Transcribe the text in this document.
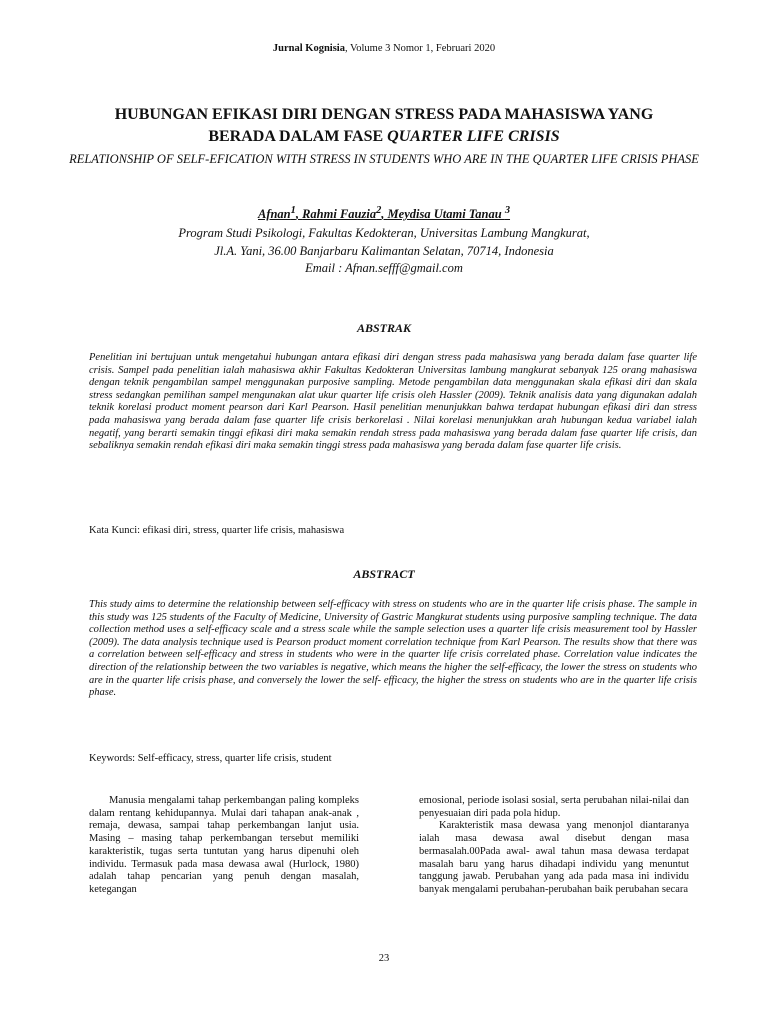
Jurnal Kognisia, Volume 3 Nomor 1, Februari 2020
HUBUNGAN EFIKASI DIRI DENGAN STRESS PADA MAHASISWA YANG
BERADA DALAM FASE QUARTER LIFE CRISIS
RELATIONSHIP OF SELF-EFICATION WITH STRESS IN STUDENTS WHO ARE IN THE QUARTER LIFE CRISIS PHASE
Afnan$^1$, Rahmi Fauzia$^2$, Meydisa Utami Tanau $^3$
Program Studi Psikologi, Fakultas Kedokteran, Universitas Lambung Mangkurat,
Jl.A. Yani, 36.00 Banjarbaru Kalimantan Selatan, 70714, Indonesia
Email : Afnan.sefff@gmail.com
ABSTRAK
Penelitian ini bertujuan untuk mengetahui hubungan antara efikasi diri dengan stress pada mahasiswa yang berada dalam fase quarter life crisis. Sampel pada penelitian ialah mahasiswa akhir Fakultas Kedokteran Universitas lambung mangkurat sebanyak 125 orang mahasiswa dengan teknik pengambilan sampel menggunakan purposive sampling. Metode pengambilan data menggunakan skala efikasi diri dan skala stress sedangkan pemilihan sampel mengunakan alat ukur quarter life crisis oleh Hassler (2009). Teknik analisis data yang digunakan adalah teknik korelasi product moment pearson dari Karl Pearson. Hasil penelitian menunjukkan bahwa terdapat hubungan efikasi diri dan stress pada mahasiswa yang berada dalam fase quarter life crisis berkorelasi . Nilai korelasi menunjukkan arah hubungan kedua variabel ialah negatif, yang berarti semakin tinggi efikasi diri maka semakin rendah stress pada mahasiswa yang berada dalam fase quarter life crisis, dan sebaliknya semakin rendah efikasi diri maka semakin tinggi stress pada mahasiswa yang berada dalam fase quarter life crisis.
Kata Kunci: efikasi diri, stress, quarter life crisis, mahasiswa
ABSTRACT
This study aims to determine the relationship between self-efficacy with stress on students who are in the quarter life crisis phase. The sample in this study was 125 students of the Faculty of Medicine, University of Gastric Mangkurat students using purposive sampling technique. The data collection method uses a self-efficacy scale and a stress scale while the sample selection uses a quarter life crisis measurement tool by Hassler (2009). The data analysis technique used is Pearson product moment correlation technique from Karl Pearson. The results show that there was a correlation between self-efficacy and stress in students who were in the quarter life crisis correlated phase. Correlation value indicates the direction of the relationship between the two variables is negative, which means the higher the self-efficacy, the lower the stress on students who are in the quarter life crisis phase, and conversely the lower the self- efficacy, the higher the stress on students who are in the quarter life crisis phase.
Keywords: Self-efficacy, stress, quarter life crisis, student
Manusia mengalami tahap perkembangan paling kompleks dalam rentang kehidupannya. Mulai dari tahapan anak-anak , remaja, dewasa, sampai tahap perkembangan lanjut usia. Masing – masing tahap perkembangan tersebut memiliki karakteristik, tugas serta tuntutan yang harus dipenuhi oleh individu. Termasuk pada masa dewasa awal (Hurlock, 1980) adalah tahap pencarian yang penuh dengan masalah, ketegangan
emosional, periode isolasi sosial, serta perubahan nilai-nilai dan penyesuaian diri pada pola hidup.
Karakteristik masa dewasa yang menonjol diantaranya ialah masa dewasa awal disebut dengan masa bermasalah.00Pada awal- awal tahun masa dewasa terdapat masalah baru yang harus dihadapi individu yang menuntut tanggung jawab. Perubahan yang ada pada masa ini individu banyak mengalami perubahan-perubahan baik perubahan secara
23
